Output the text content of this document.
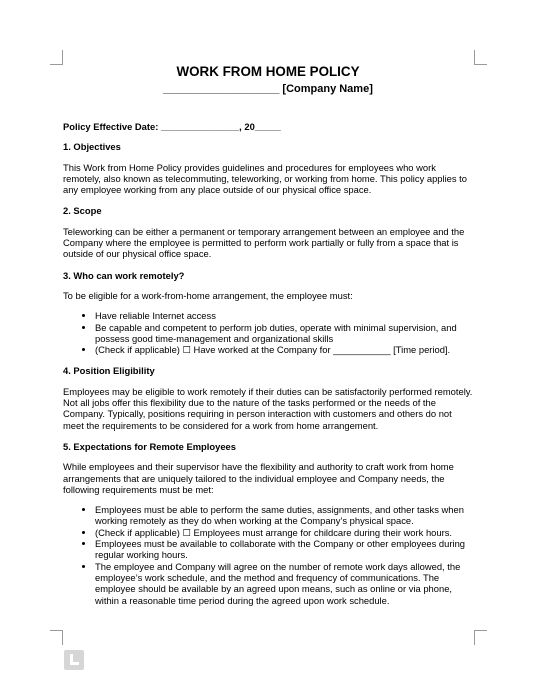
WORK FROM HOME POLICY
___________________ [Company Name]
Policy Effective Date: _______________, 20_____
1. Objectives

This Work from Home Policy provides guidelines and procedures for employees who work remotely, also known as telecommuting, teleworking, or working from home. This policy applies to any employee working from any place outside of our physical office space.

2. Scope

Teleworking can be either a permanent or temporary arrangement between an employee and the Company where the employee is permitted to perform work partially or fully from a space that is outside of our physical office space.

3. Who can work remotely?

To be eligible for a work-from-home arrangement, the employee must:

• Have reliable Internet access
• Be capable and competent to perform job duties, operate with minimal supervision, and possess good time-management and organizational skills
• (Check if applicable) ☐ Have worked at the Company for ___________ [Time period].
4. Position Eligibility

Employees may be eligible to work remotely if their duties can be satisfactorily performed remotely. Not all jobs offer this flexibility due to the nature of the tasks performed or the needs of the Company. Typically, positions requiring in person interaction with customers and others do not meet the requirements to be considered for a work from home arrangement.

5. Expectations for Remote Employees

While employees and their supervisor have the flexibility and authority to craft work from home arrangements that are uniquely tailored to the individual employee and Company needs, the following requirements must be met:

• Employees must be able to perform the same duties, assignments, and other tasks when working remotely as they do when working at the Company’s physical space.
• (Check if applicable) ☐ Employees must arrange for childcare during their work hours.
• Employees must be available to collaborate with the Company or other employees during regular working hours.
• The employee and Company will agree on the number of remote work days allowed, the employee’s work schedule, and the method and frequency of communications. The employee should be available by an agreed upon means, such as online or via phone, within a reasonable time period during the agreed upon work schedule.
